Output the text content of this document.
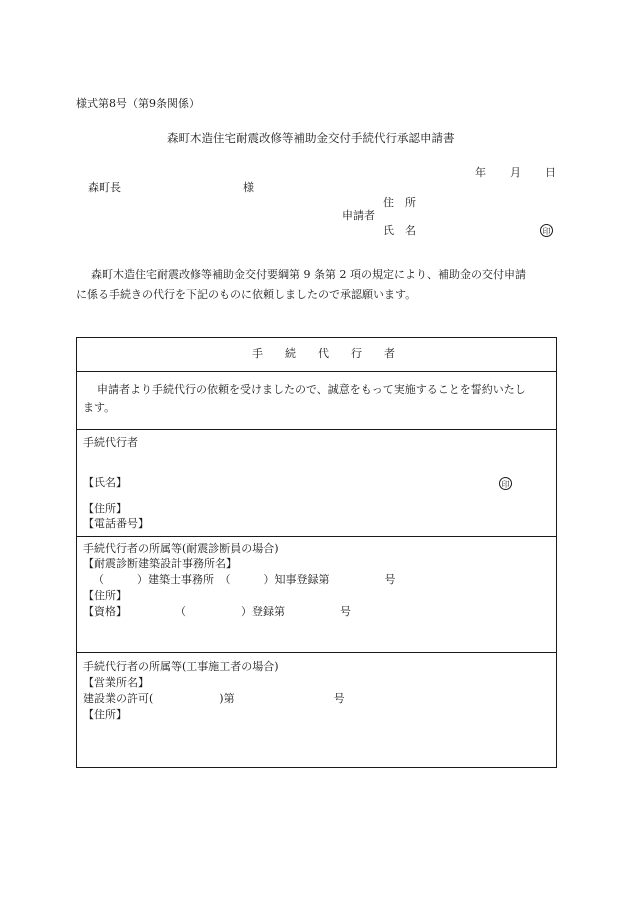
様式第8号（第9条関係）
森町木造住宅耐震改修等補助金交付手続代行承認申請書
年 月 日
森町長	様
住　所
申請者
氏　名	印
森町木造住宅耐震改修等補助金交付要綱第 9 条第 2 項の規定により、補助金の交付申請
に係る手続きの代行を下記のものに依頼しましたので承認願います。
手　　続　　代　　行　　者
申請者より手続代行の依頼を受けましたので、誠意をもって実施することを誓約いたし
ます。
手続代行者
【氏名】	印
【住所】
【電話番号】
手続代行者の所属等(耐震診断員の場合)
【耐震診断建築設計事務所名】
（　　　）建築士事務所　（　　　）知事登録第　　　　　号
【住所】
【資格】	（　　　　　）登録第　　　　　号
手続代行者の所属等(工事施工者の場合)
【営業所名】
建設業の許可(　　　　　　)第　　　　　　　　　号
【住所】
